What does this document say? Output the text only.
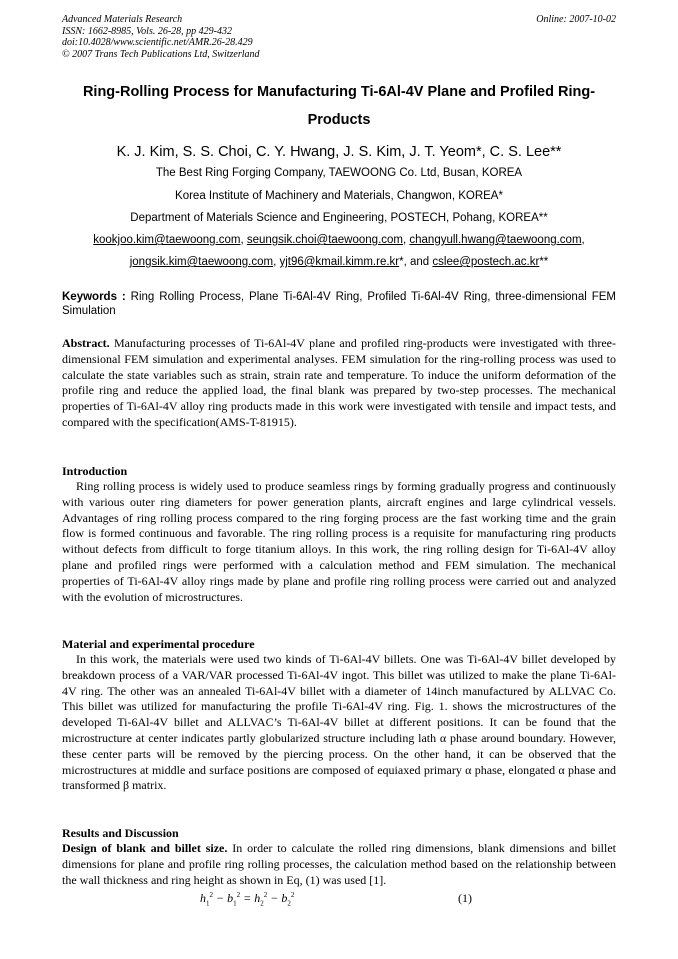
Advanced Materials Research
ISSN: 1662-8985, Vols. 26-28, pp 429-432
doi:10.4028/www.scientific.net/AMR.26-28.429
© 2007 Trans Tech Publications Ltd, Switzerland
Online: 2007-10-02
Ring-Rolling Process for Manufacturing Ti-6Al-4V Plane and Profiled Ring-Products
K. J. Kim, S. S. Choi, C. Y. Hwang, J. S. Kim, J. T. Yeom*, C. S. Lee**
The Best Ring Forging Company, TAEWOONG Co. Ltd, Busan, KOREA
Korea Institute of Machinery and Materials, Changwon, KOREA*
Department of Materials Science and Engineering, POSTECH, Pohang, KOREA**
kookjoo.kim@taewoong.com, seungsik.choi@taewoong.com, changyull.hwang@taewoong.com,
jongsik.kim@taewoong.com, yjt96@kmail.kimm.re.kr*, and cslee@postech.ac.kr**
Keywords : Ring Rolling Process, Plane Ti-6Al-4V Ring, Profiled Ti-6Al-4V Ring, three-dimensional FEM Simulation
Abstract. Manufacturing processes of Ti-6Al-4V plane and profiled ring-products were investigated with three-dimensional FEM simulation and experimental analyses. FEM simulation for the ring-rolling process was used to calculate the state variables such as strain, strain rate and temperature. To induce the uniform deformation of the profile ring and reduce the applied load, the final blank was prepared by two-step processes. The mechanical properties of Ti-6Al-4V alloy ring products made in this work were investigated with tensile and impact tests, and compared with the specification(AMS-T-81915).
Introduction
Ring rolling process is widely used to produce seamless rings by forming gradually progress and continuously with various outer ring diameters for power generation plants, aircraft engines and large cylindrical vessels. Advantages of ring rolling process compared to the ring forging process are the fast working time and the grain flow is formed continuous and favorable. The ring rolling process is a requisite for manufacturing ring products without defects from difficult to forge titanium alloys. In this work, the ring rolling design for Ti-6Al-4V alloy plane and profiled rings were performed with a calculation method and FEM simulation. The mechanical properties of Ti-6Al-4V alloy rings made by plane and profile ring rolling process were carried out and analyzed with the evolution of microstructures.
Material and experimental procedure
In this work, the materials were used two kinds of Ti-6Al-4V billets. One was Ti-6Al-4V billet developed by breakdown process of a VAR/VAR processed Ti-6Al-4V ingot. This billet was utilized to make the plane Ti-6Al-4V ring. The other was an annealed Ti-6Al-4V billet with a diameter of 14inch manufactured by ALLVAC Co. This billet was utilized for manufacturing the profile Ti-6Al-4V ring. Fig. 1. shows the microstructures of the developed Ti-6Al-4V billet and ALLVAC’s Ti-6Al-4V billet at different positions. It can be found that the microstructure at center indicates partly globularized structure including lath α phase around boundary. However, these center parts will be removed by the piercing process. On the other hand, it can be observed that the microstructures at middle and surface positions are composed of equiaxed primary α phase, elongated α phase and transformed β matrix.
Results and Discussion
Design of blank and billet size. In order to calculate the rolled ring dimensions, blank dimensions and billet dimensions for plane and profile ring rolling processes, the calculation method based on the relationship between the wall thickness and ring height as shown in Eq, (1) was used [1].
$h_1^2 - b_1^2 = h_2^2 - b_2^2$	(1)
